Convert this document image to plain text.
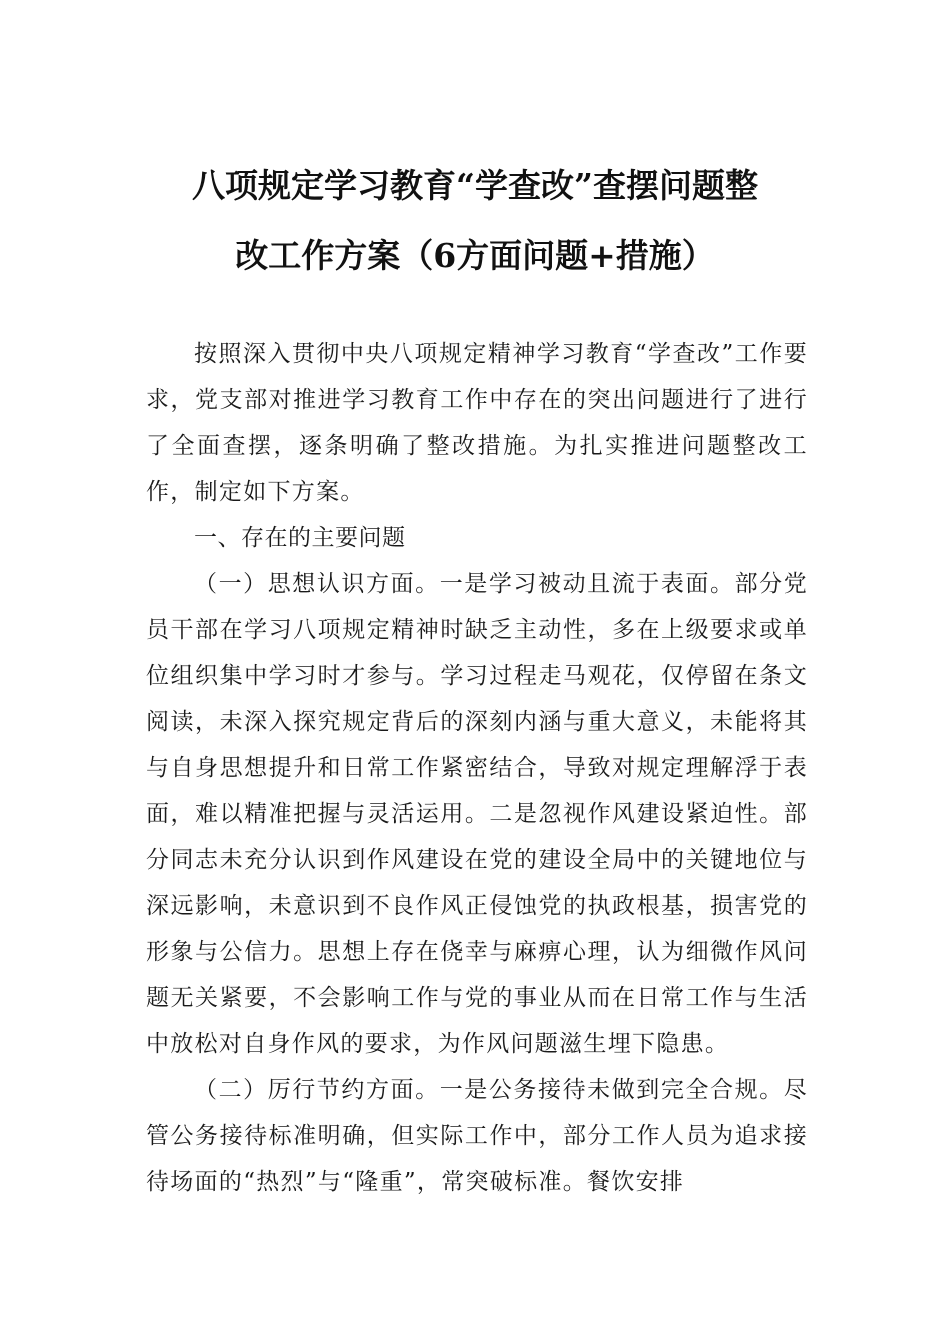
八项规定学习教育“学查改”查摆问题整
改工作方案（6方面问题+措施）

按照深入贯彻中央八项规定精神学习教育“学查改”工作要求，党支部对推进学习教育工作中存在的突出问题进行了进行了全面查摆，逐条明确了整改措施。为扎实推进问题整改工作，制定如下方案。

一、存在的主要问题

（一）思想认识方面。一是学习被动且流于表面。部分党员干部在学习八项规定精神时缺乏主动性，多在上级要求或单位组织集中学习时才参与。学习过程走马观花，仅停留在条文阅读，未深入探究规定背后的深刻内涵与重大意义，未能将其与自身思想提升和日常工作紧密结合，导致对规定理解浮于表面，难以精准把握与灵活运用。二是忽视作风建设紧迫性。部分同志未充分认识到作风建设在党的建设全局中的关键地位与深远影响，未意识到不良作风正侵蚀党的执政根基，损害党的形象与公信力。思想上存在侥幸与麻痹心理，认为细微作风问题无关紧要，不会影响工作与党的事业从而在日常工作与生活中放松对自身作风的要求，为作风问题滋生埋下隐患。

（二）厉行节约方面。一是公务接待未做到完全合规。尽管公务接待标准明确，但实际工作中，部分工作人员为追求接待场面的“热烈”与“隆重”，常突破标准。餐饮安排
